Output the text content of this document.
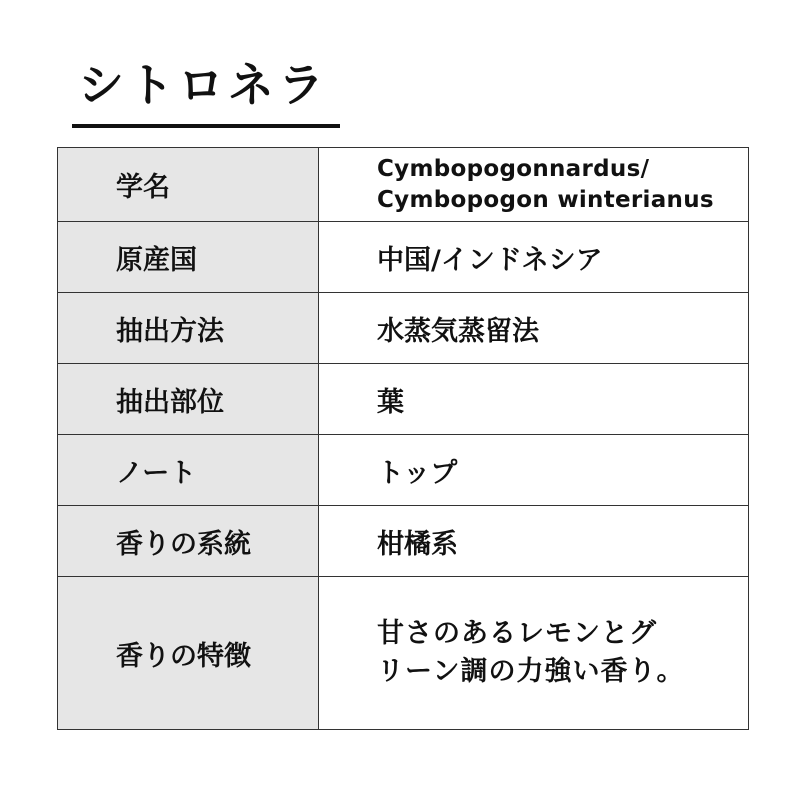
シトロネラ
学名	Cymbopogonnardus/
Cymbopogon winterianus

原産国	中国/インドネシア
抽出方法	水蒸気蒸留法
抽出部位	葉
ノート	トップ
香りの系統	柑橘系
香りの特徴	甘さのあるレモンとグ
リーン調の力強い香り。
